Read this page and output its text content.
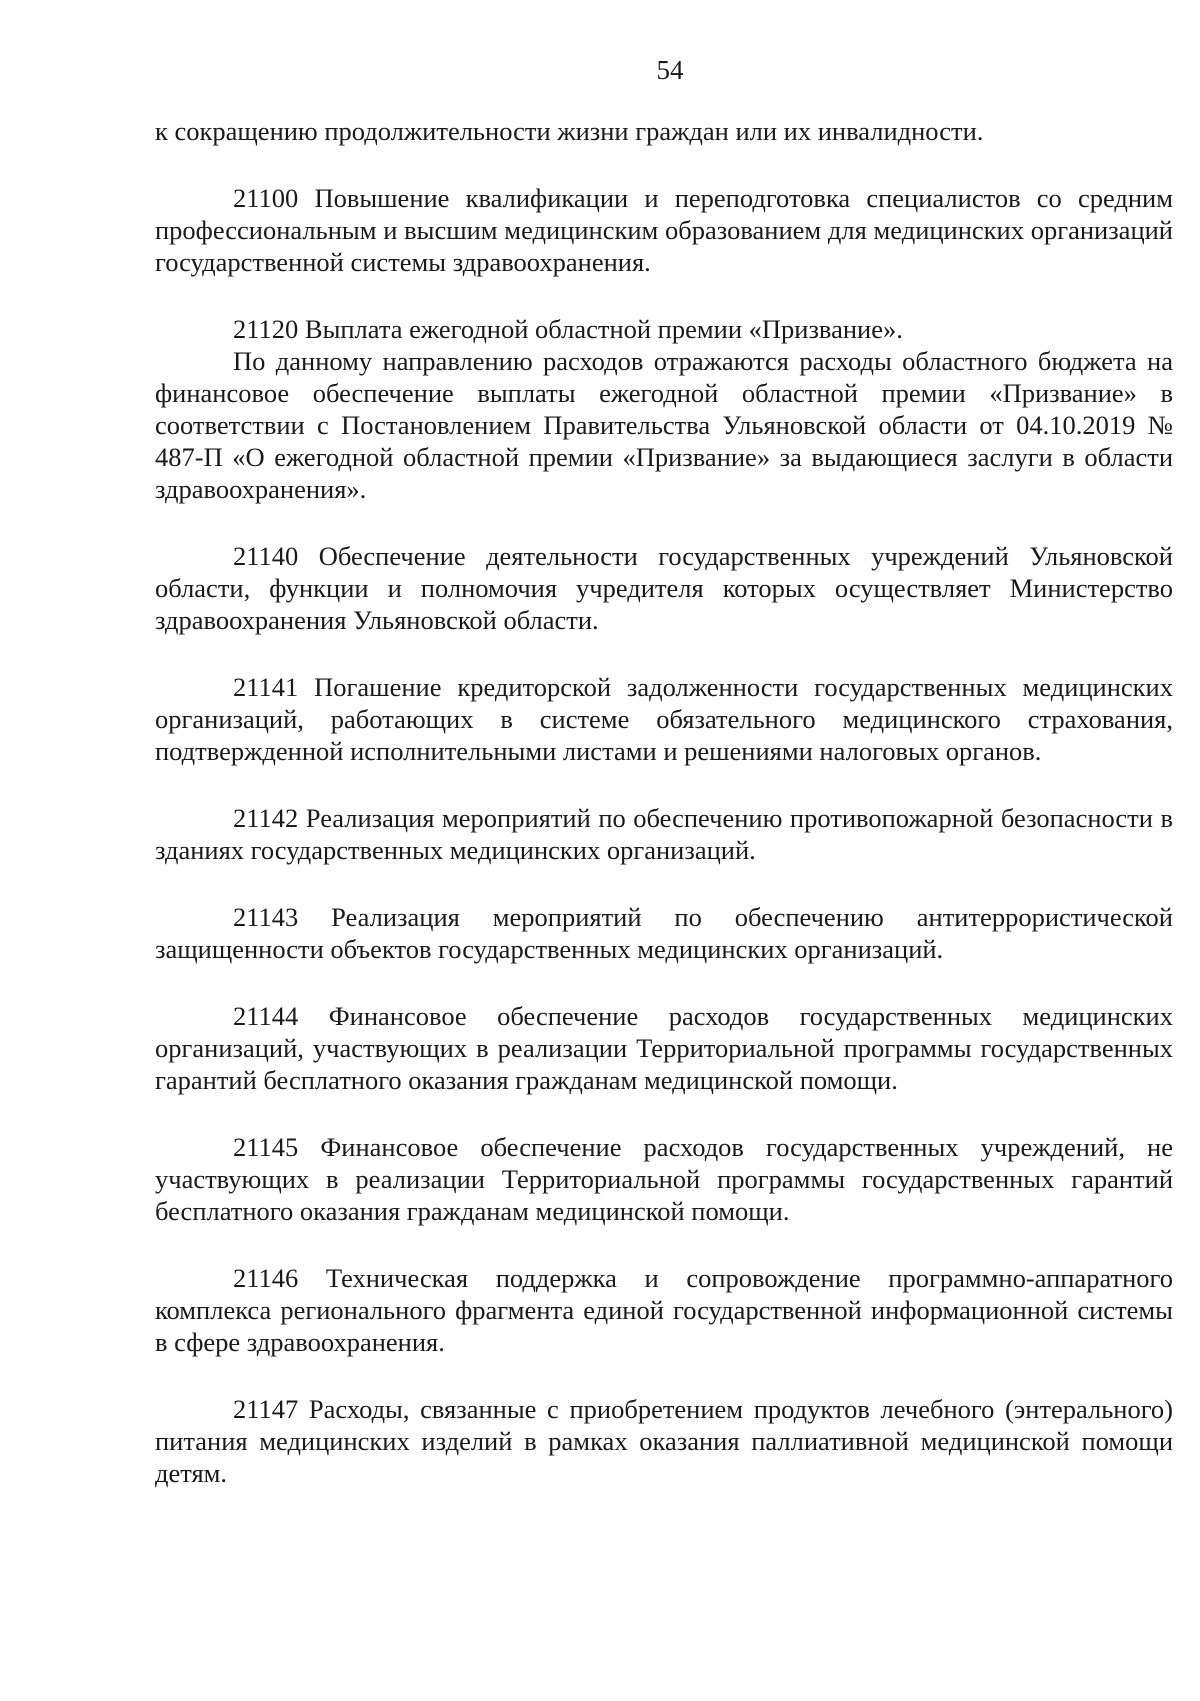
54

к сокращению продолжительности жизни граждан или их инвалидности.

21100 Повышение квалификации и переподготовка специалистов со средним профессиональным и высшим медицинским образованием для медицинских организаций государственной системы здравоохранения.

21120 Выплата ежегодной областной премии «Призвание».

По данному направлению расходов отражаются расходы областного бюджета на финансовое обеспечение выплаты ежегодной областной премии «Призвание» в соответствии с Постановлением Правительства Ульяновской области от 04.10.2019 № 487-П «О ежегодной областной премии «Призвание» за выдающиеся заслуги в области здравоохранения».

21140 Обеспечение деятельности государственных учреждений Ульяновской области, функции и полномочия учредителя которых осуществляет Министерство здравоохранения Ульяновской области.

21141 Погашение кредиторской задолженности государственных медицинских организаций, работающих в системе обязательного медицинского страхования, подтвержденной исполнительными листами и решениями налоговых органов.

21142 Реализация мероприятий по обеспечению противопожарной безопасности в зданиях государственных медицинских организаций.

21143 Реализация мероприятий по обеспечению антитеррористической защищенности объектов государственных медицинских организаций.

21144 Финансовое обеспечение расходов государственных медицинских организаций, участвующих в реализации Территориальной программы государственных гарантий бесплатного оказания гражданам медицинской помощи.

21145 Финансовое обеспечение расходов государственных учреждений, не участвующих в реализации Территориальной программы государственных гарантий бесплатного оказания гражданам медицинской помощи.

21146 Техническая поддержка и сопровождение программно-аппаратного комплекса регионального фрагмента единой государственной информационной системы в сфере здравоохранения.

21147 Расходы, связанные с приобретением продуктов лечебного (энтерального) питания медицинских изделий в рамках оказания паллиативной медицинской помощи детям.
